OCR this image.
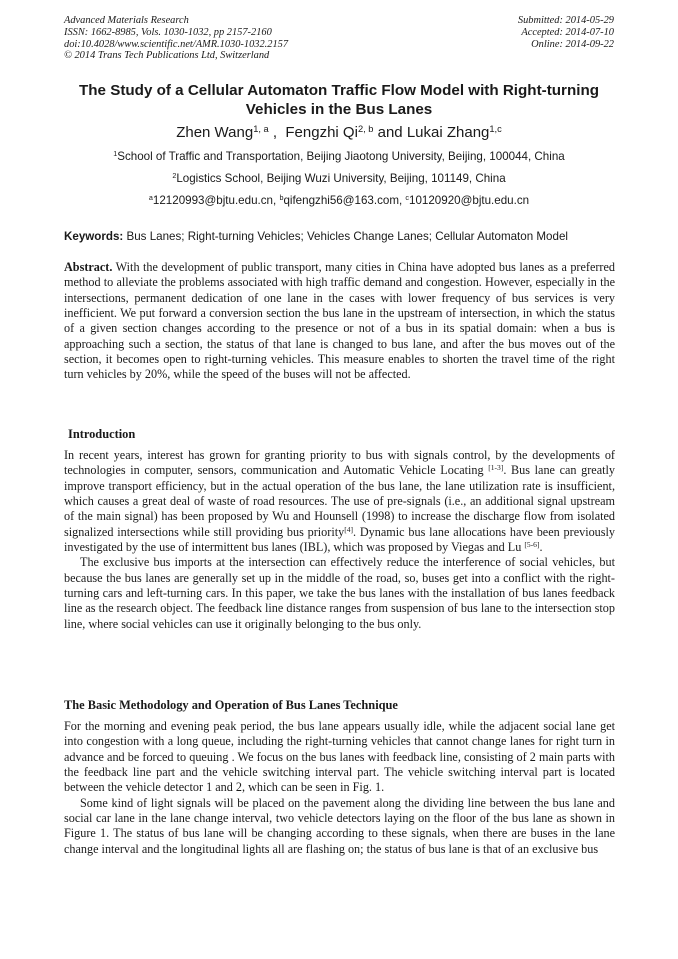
Advanced Materials Research
ISSN: 1662-8985, Vols. 1030-1032, pp 2157-2160
doi:10.4028/www.scientific.net/AMR.1030-1032.2157
© 2014 Trans Tech Publications Ltd, Switzerland
Submitted: 2014-05-29
Accepted: 2014-07-10
Online: 2014-09-22
The Study of a Cellular Automaton Traffic Flow Model with Right-turning Vehicles in the Bus Lanes
Zhen Wang$^{1, a}$ ,  Fengzhi Qi$^{2, b}$ and Lukai Zhang$^{1,c}$
$^1$School of Traffic and Transportation, Beijing Jiaotong University, Beijing, 100044, China
$^2$Logistics School, Beijing Wuzi University, Beijing, 101149, China
$^a$12120993@bjtu.edu.cn, $^b$qifengzhi56@163.com, $^c$10120920@bjtu.edu.cn
Keywords: Bus Lanes; Right-turning Vehicles; Vehicles Change Lanes; Cellular Automaton Model

Abstract. With the development of public transport, many cities in China have adopted bus lanes as a preferred method to alleviate the problems associated with high traffic demand and congestion. However, especially in the intersections, permanent dedication of one lane in the cases with lower frequency of bus services is very inefficient. We put forward a conversion section the bus lane in the upstream of intersection, in which the status of a given section changes according to the presence or not of a bus in its spatial domain: when a bus is approaching such a section, the status of that lane is changed to bus lane, and after the bus moves out of the section, it becomes open to right-turning vehicles. This measure enables to shorten the travel time of the right turn vehicles by 20%, while the speed of the buses will not be affected.

Introduction

In recent years, interest has grown for granting priority to bus with signals control, by the developments of technologies in computer, sensors, communication and Automatic Vehicle Locating [1-3]. Bus lane can greatly improve transport efficiency, but in the actual operation of the bus lane, the lane utilization rate is insufficient, which causes a great deal of waste of road resources. The use of pre-signals (i.e., an additional signal upstream of the main signal) has been proposed by Wu and Hounsell (1998) to increase the discharge flow from isolated signalized intersections while still providing bus priority[4]. Dynamic bus lane allocations have been previously investigated by the use of intermittent bus lanes (IBL), which was proposed by Viegas and Lu [5-6].

The exclusive bus imports at the intersection can effectively reduce the interference of social vehicles, but because the bus lanes are generally set up in the middle of the road, so, buses get into a conflict with the right-turning cars and left-turning cars. In this paper, we take the bus lanes with the installation of bus lanes feedback line as the research object. The feedback line distance ranges from suspension of bus lane to the intersection stop line, where social vehicles can use it originally belonging to the bus only.

The Basic Methodology and Operation of Bus Lanes Technique

For the morning and evening peak period, the bus lane appears usually idle, while the adjacent social lane get into congestion with a long queue, including the right-turning vehicles that cannot change lanes for right turn in advance and be forced to queuing . We focus on the bus lanes with feedback line, consisting of 2 main parts with the feedback line part and the vehicle switching interval part. The vehicle switching interval part is located between the vehicle detector 1 and 2, which can be seen in Fig. 1.

Some kind of light signals will be placed on the pavement along the dividing line between the bus lane and social car lane in the lane change interval, two vehicle detectors laying on the floor of the bus lane as shown in Figure 1. The status of bus lane will be changing according to these signals, when there are buses in the lane change interval and the longitudinal lights all are flashing on; the status of bus lane is that of an exclusive bus
